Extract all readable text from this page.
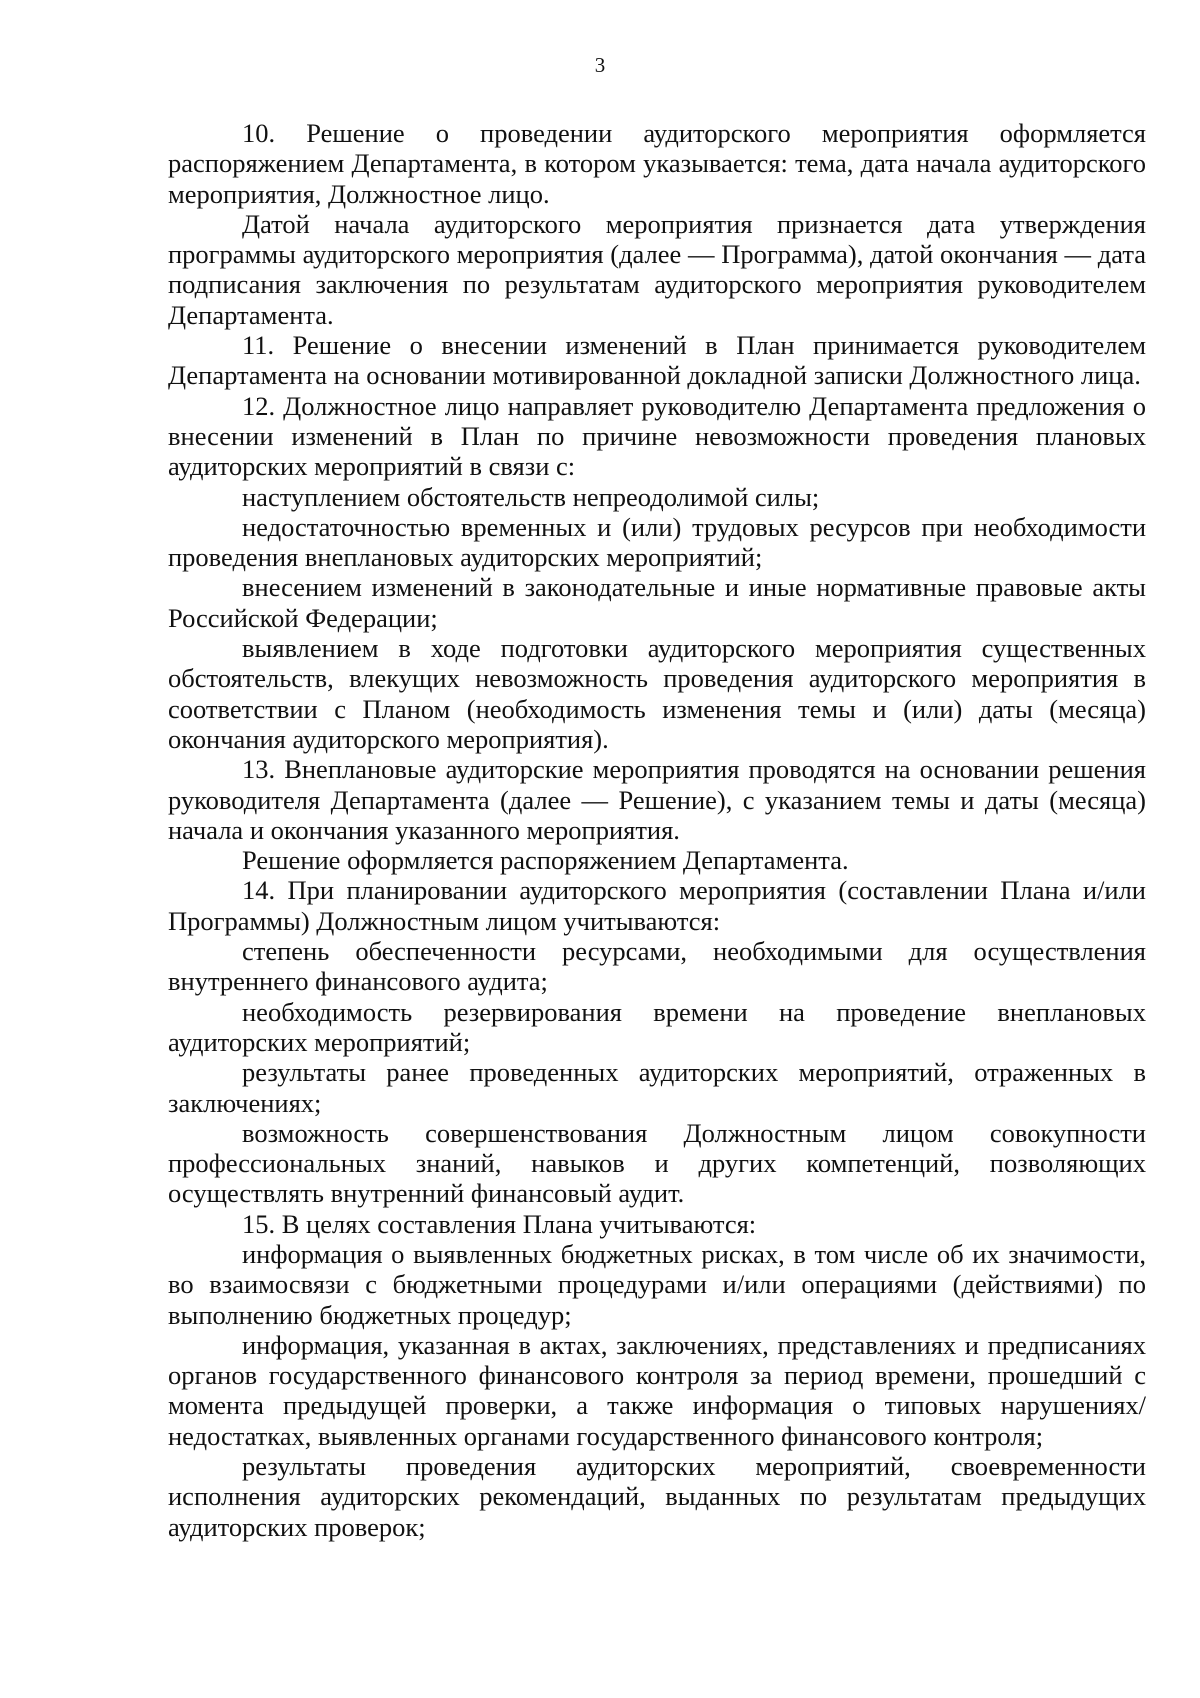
3

10. Решение о проведении аудиторского мероприятия оформляется распоряжением Департамента, в котором указывается: тема, дата начала аудиторского мероприятия, Должностное лицо.

Датой начала аудиторского мероприятия признается дата утверждения программы аудиторского мероприятия (далее — Программа), датой окончания — дата подписания заключения по результатам аудиторского мероприятия руководителем Департамента.

11. Решение о внесении изменений в План принимается руководителем Департамента на основании мотивированной докладной записки Должностного лица.

12. Должностное лицо направляет руководителю Департамента предложения о внесении изменений в План по причине невозможности проведения плановых аудиторских мероприятий в связи с:

наступлением обстоятельств непреодолимой силы;

недостаточностью временных и (или) трудовых ресурсов при необходимости проведения внеплановых аудиторских мероприятий;

внесением изменений в законодательные и иные нормативные правовые акты Российской Федерации;

выявлением в ходе подготовки аудиторского мероприятия существенных обстоятельств, влекущих невозможность проведения аудиторского мероприятия в соответствии с Планом (необходимость изменения темы и (или) даты (месяца) окончания аудиторского мероприятия).

13. Внеплановые аудиторские мероприятия проводятся на основании решения руководителя Департамента (далее — Решение), с указанием темы и даты (месяца) начала и окончания указанного мероприятия.

Решение оформляется распоряжением Департамента.

14. При планировании аудиторского мероприятия (составлении Плана и/или Программы) Должностным лицом учитываются:

степень обеспеченности ресурсами, необходимыми для осуществления внутреннего финансового аудита;

необходимость резервирования времени на проведение внеплановых аудиторских мероприятий;

результаты ранее проведенных аудиторских мероприятий, отраженных в заключениях;

возможность совершенствования Должностным лицом совокупности профессиональных знаний, навыков и других компетенций, позволяющих осуществлять внутренний финансовый аудит.

15. В целях составления Плана учитываются:

информация о выявленных бюджетных рисках, в том числе об их значимости, во взаимосвязи с бюджетными процедурами и/или операциями (действиями) по выполнению бюджетных процедур;

информация, указанная в актах, заключениях, представлениях и предписаниях органов государственного финансового контроля за период времени, прошедший с момента предыдущей проверки, а также информация о типовых нарушениях/недостатках, выявленных органами государственного финансового контроля;

результаты проведения аудиторских мероприятий, своевременности исполнения аудиторских рекомендаций, выданных по результатам предыдущих аудиторских проверок;
